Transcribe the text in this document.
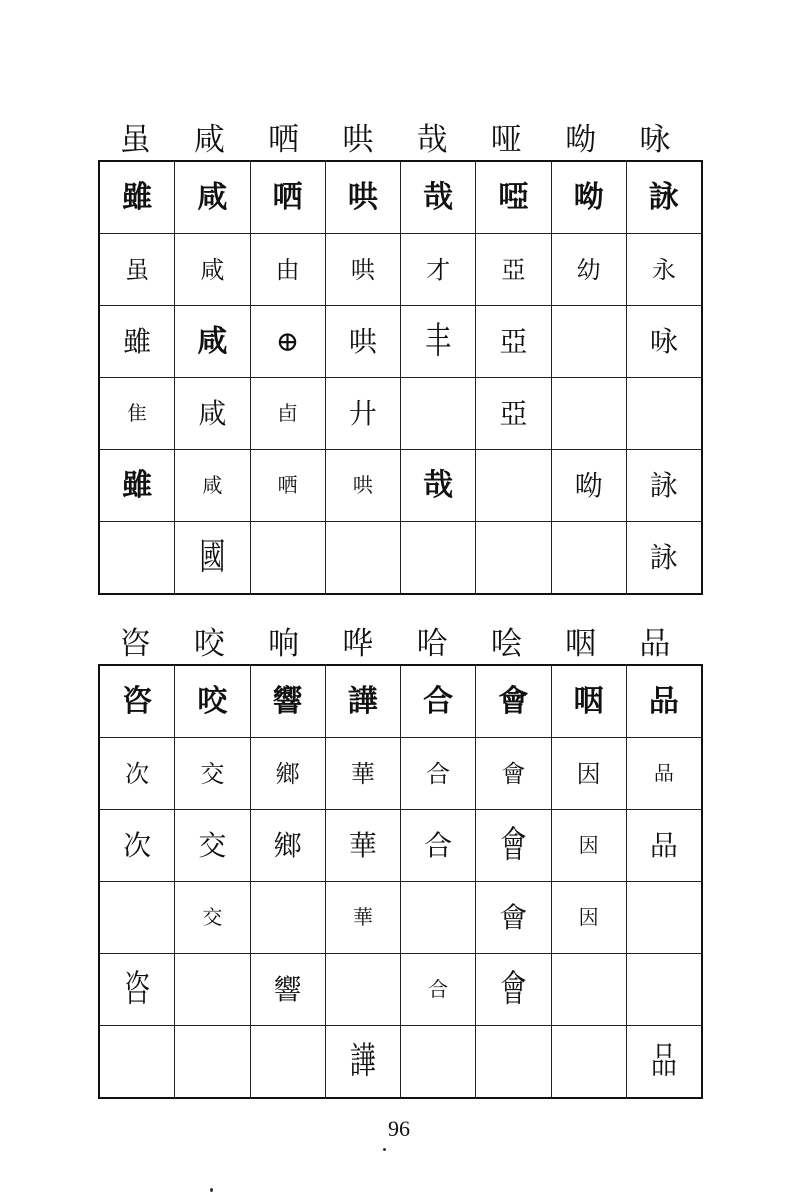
虽	咸	哂	哄	哉	哑	呦	咏
雖	咸	哂	哄	哉	啞	呦	詠
虽	咸	由	哄	才	亞	幼	永
雖	咸	⊕	哄	丰	亞		咏
隹	咸	卣	廾		亞		
雖	咸	哂	哄	哉		呦	詠
	國						詠
咨	咬	响	哗	哈	哙	咽	品
咨	咬	響	譁	合	會	咽	品
次	交	鄉	華	合	會	因	品
次	交	鄉	華	合	會	因	品
	交		華		會	因	
咨		響		合	會		
			譁				品
96
